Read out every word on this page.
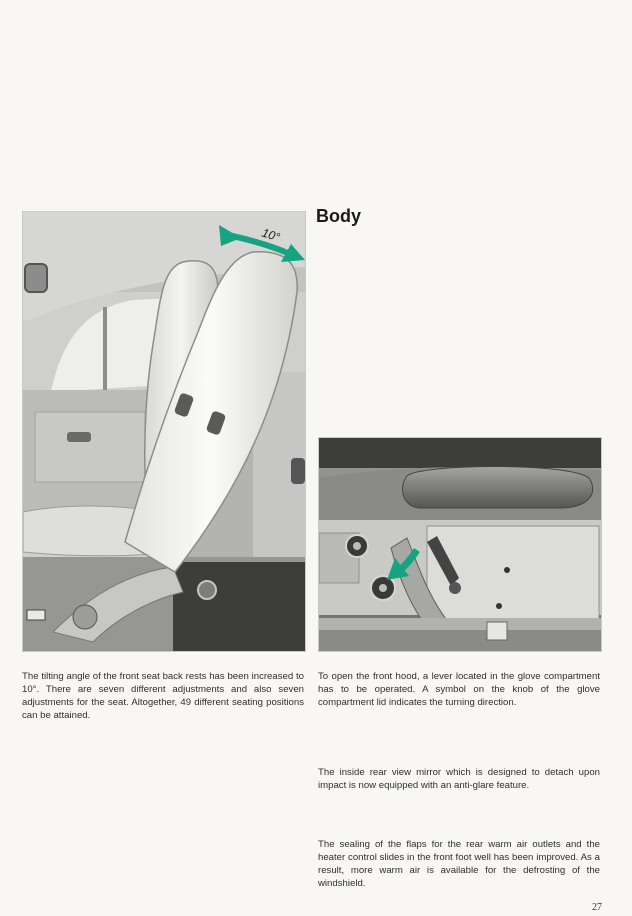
Body
10°

The tilting angle of the front seat back rests has been increased to 10°. There are seven different adjustments and also seven adjustments for the seat. Altogether, 49 different seating positions can be attained.

To open the front hood, a lever located in the glove compartment has to be operated. A symbol on the knob of the glove compartment lid indicates the turning direction.

The inside rear view mirror which is designed to detach upon impact is now equipped with an anti-glare feature.

The sealing of the flaps for the rear warm air outlets and the heater control slides in the front foot well has been improved. As a result, more warm air is available for the defrosting of the windshield.

27
